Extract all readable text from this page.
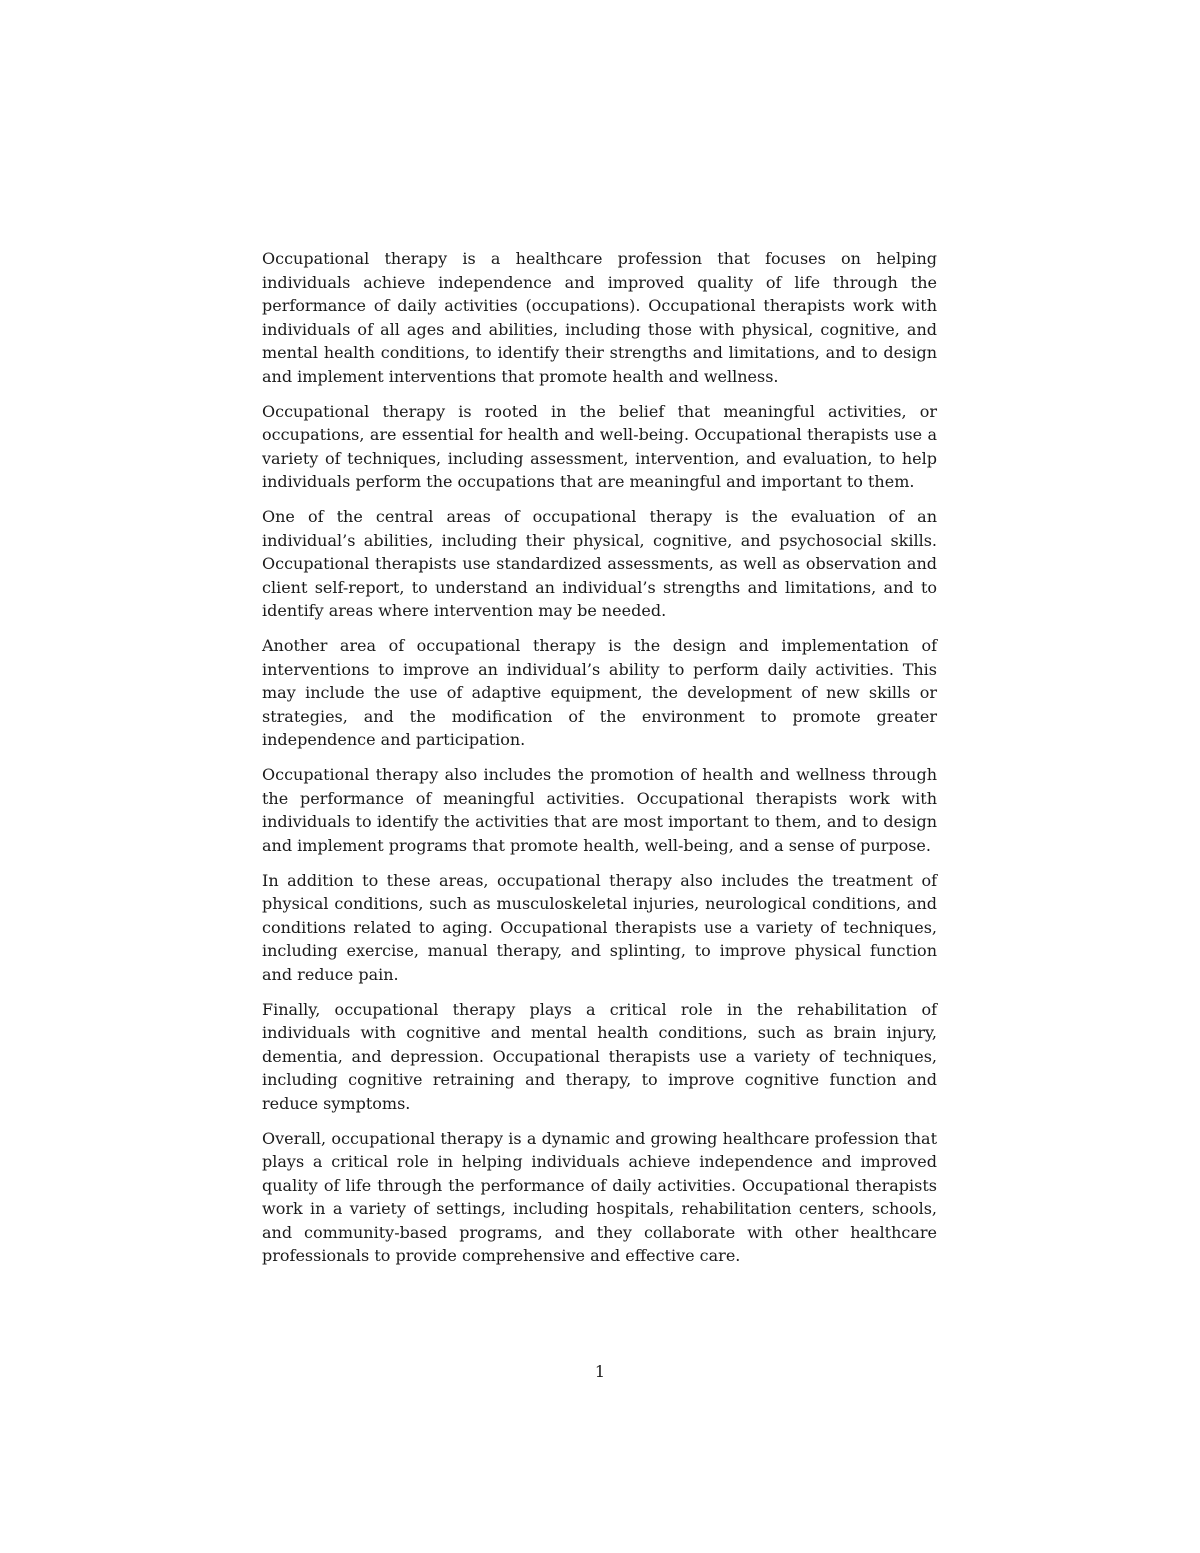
Occupational therapy is a healthcare profession that focuses on helping individuals achieve independence and improved quality of life through the performance of daily activities (occupations). Occupational therapists work with individuals of all ages and abilities, including those with physical, cognitive, and mental health conditions, to identify their strengths and limitations, and to design and implement interventions that promote health and wellness.

Occupational therapy is rooted in the belief that meaningful activities, or occupations, are essential for health and well-being. Occupational therapists use a variety of techniques, including assessment, intervention, and evaluation, to help individuals perform the occupations that are meaningful and important to them.

One of the central areas of occupational therapy is the evaluation of an individual’s abilities, including their physical, cognitive, and psychosocial skills. Occupational therapists use standardized assessments, as well as observation and client self-report, to understand an individual’s strengths and limitations, and to identify areas where intervention may be needed.

Another area of occupational therapy is the design and implementation of interventions to improve an individual’s ability to perform daily activities. This may include the use of adaptive equipment, the development of new skills or strategies, and the modification of the environment to promote greater independence and participation.

Occupational therapy also includes the promotion of health and wellness through the performance of meaningful activities. Occupational therapists work with individuals to identify the activities that are most important to them, and to design and implement programs that promote health, well-being, and a sense of purpose.

In addition to these areas, occupational therapy also includes the treatment of physical conditions, such as musculoskeletal injuries, neurological conditions, and conditions related to aging. Occupational therapists use a variety of techniques, including exercise, manual therapy, and splinting, to improve physical function and reduce pain.

Finally, occupational therapy plays a critical role in the rehabilitation of individuals with cognitive and mental health conditions, such as brain injury, dementia, and depression. Occupational therapists use a variety of techniques, including cognitive retraining and therapy, to improve cognitive function and reduce symptoms.

Overall, occupational therapy is a dynamic and growing healthcare profession that plays a critical role in helping individuals achieve independence and improved quality of life through the performance of daily activities. Occupational therapists work in a variety of settings, including hospitals, rehabilitation centers, schools, and community-based programs, and they collaborate with other healthcare professionals to provide comprehensive and effective care.

1
